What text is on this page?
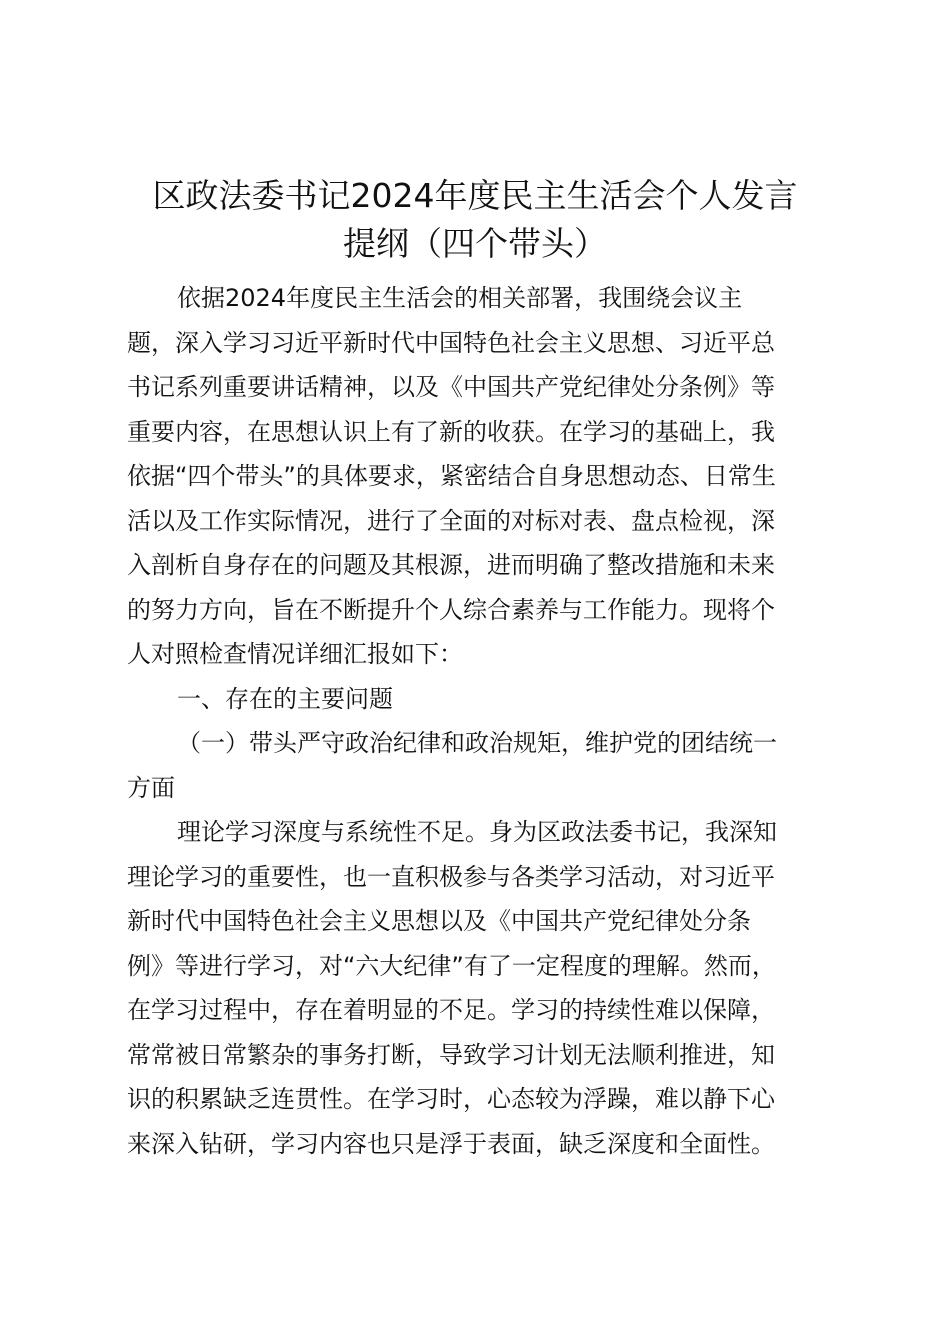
区政法委书记2024年度民主生活会个人发言
提纲（四个带头）
依据2024年度民主生活会的相关部署，我围绕会议主
题，深入学习习近平新时代中国特色社会主义思想、习近平总
书记系列重要讲话精神，以及《中国共产党纪律处分条例》等
重要内容，在思想认识上有了新的收获。在学习的基础上，我
依据“四个带头”的具体要求，紧密结合自身思想动态、日常生
活以及工作实际情况，进行了全面的对标对表、盘点检视，深
入剖析自身存在的问题及其根源，进而明确了整改措施和未来
的努力方向，旨在不断提升个人综合素养与工作能力。现将个
人对照检查情况详细汇报如下：
一、存在的主要问题
（一）带头严守政治纪律和政治规矩，维护党的团结统一
方面
理论学习深度与系统性不足。身为区政法委书记，我深知
理论学习的重要性，也一直积极参与各类学习活动，对习近平
新时代中国特色社会主义思想以及《中国共产党纪律处分条
例》等进行学习，对“六大纪律”有了一定程度的理解。然而，
在学习过程中，存在着明显的不足。学习的持续性难以保障，
常常被日常繁杂的事务打断，导致学习计划无法顺利推进，知
识的积累缺乏连贯性。在学习时，心态较为浮躁，难以静下心
来深入钻研，学习内容也只是浮于表面，缺乏深度和全面性。
